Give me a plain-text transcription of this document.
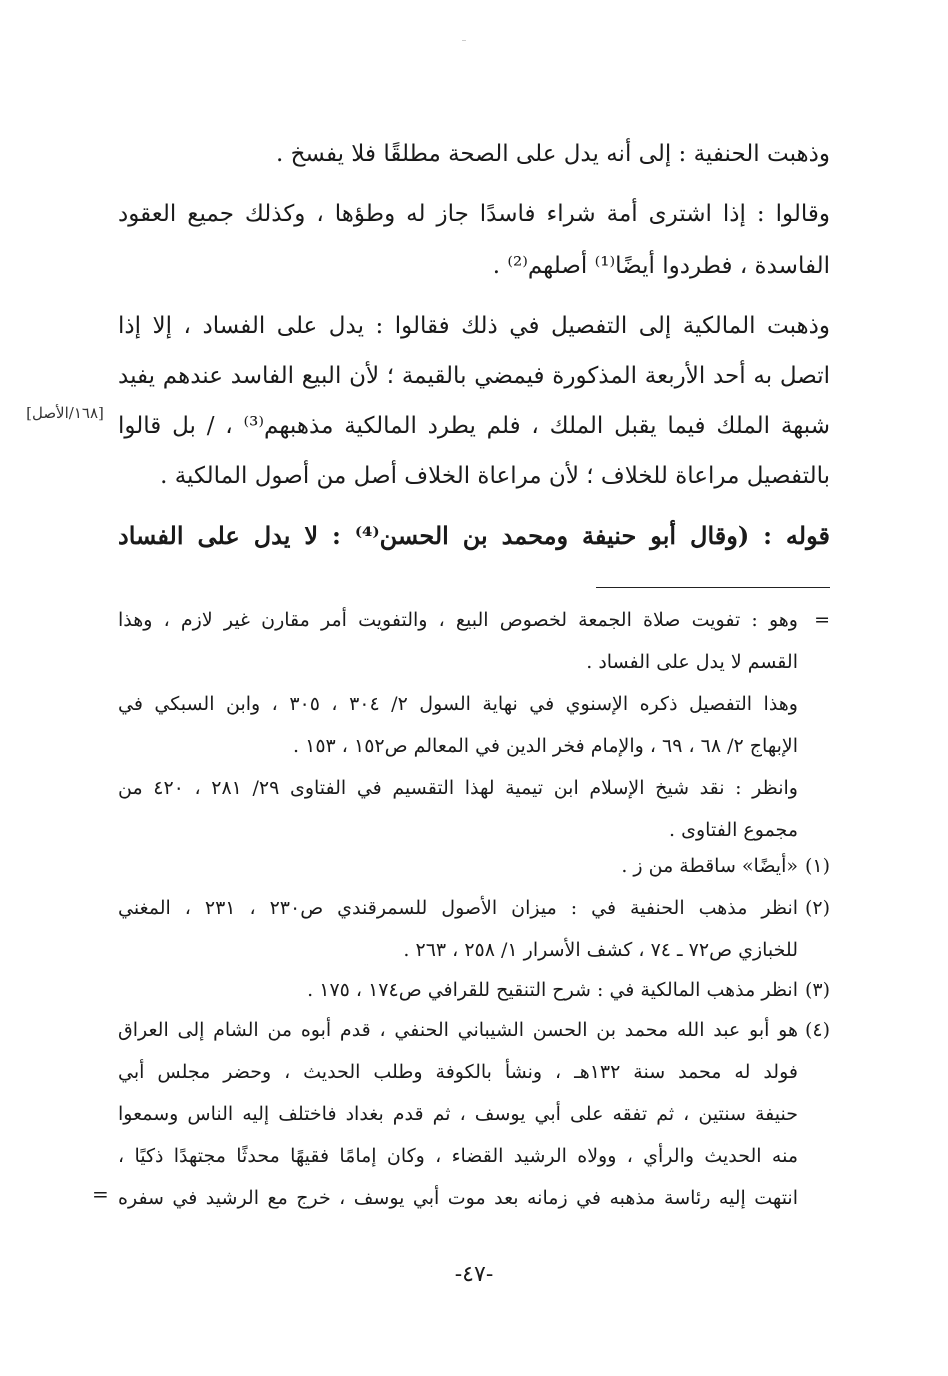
وذهبت الحنفية : إلى أنه يدل على الصحة مطلقًا فلا يفسخ .
وقالوا : إذا اشترى أمة شراء فاسدًا جاز له وطؤها ، وكذلك جميع العقود
الفاسدة ، فطردوا أيضًا⁽¹⁾ أصلهم⁽²⁾ .
وذهبت المالكية إلى التفصيل في ذلك فقالوا : يدل على الفساد ، إلا إذا
اتصل به أحد الأربعة المذكورة فيمضي بالقيمة ؛ لأن البيع الفاسد عندهم يفيد
شبهة الملك فيما يقبل الملك ، فلم يطرد المالكية مذهبهم⁽³⁾ ، / بل قالوا
بالتفصيل مراعاة للخلاف ؛ لأن مراعاة الخلاف أصل من أصول المالكية .
قوله : (وقال أبو حنيفة ومحمد بن الحسن⁽⁴⁾ : لا يدل على الفساد
[١٦٨/الأصل]
=
وهو : تفويت صلاة الجمعة لخصوص البيع ، والتفويت أمر مقارن غير لازم ، وهذا
القسم لا يدل على الفساد .
وهذا التفصيل ذكره الإسنوي في نهاية السول ٢/ ٣٠٤ ، ٣٠٥ ، وابن السبكي في
الإبهاج ٢/ ٦٨ ، ٦٩ ، والإمام فخر الدين في المعالم ص١٥٢ ، ١٥٣ .
وانظر : نقد شيخ الإسلام ابن تيمية لهذا التقسيم في الفتاوى ٢٩/ ٢٨١ ، ٤٢٠ من
مجموع الفتاوى .
(١)
«أيضًا» ساقطة من ز .
(٢)
انظر مذهب الحنفية في : ميزان الأصول للسمرقندي ص٢٣٠ ، ٢٣١ ، المغني
للخبازي ص٧٢ ـ ٧٤ ، كشف الأسرار ١/ ٢٥٨ ، ٢٦٣ .
(٣)
انظر مذهب المالكية في : شرح التنقيح للقرافي ص١٧٤ ، ١٧٥ .
(٤)
هو أبو عبد الله محمد بن الحسن الشيباني الحنفي ، قدم أبوه من الشام إلى العراق
فولد له محمد سنة ١٣٢هـ ، ونشأ بالكوفة وطلب الحديث ، وحضر مجلس أبي
حنيفة سنتين ، ثم تفقه على أبي يوسف ، ثم قدم بغداد فاختلف إليه الناس وسمعوا
منه الحديث والرأي ، وولاه الرشيد القضاء ، وكان إمامًا فقيهًا محدثًا مجتهدًا ذكيًا ،
انتهت إليه رئاسة مذهبه في زمانه بعد موت أبي يوسف ، خرج مع الرشيد في سفره
=
-٤٧-
